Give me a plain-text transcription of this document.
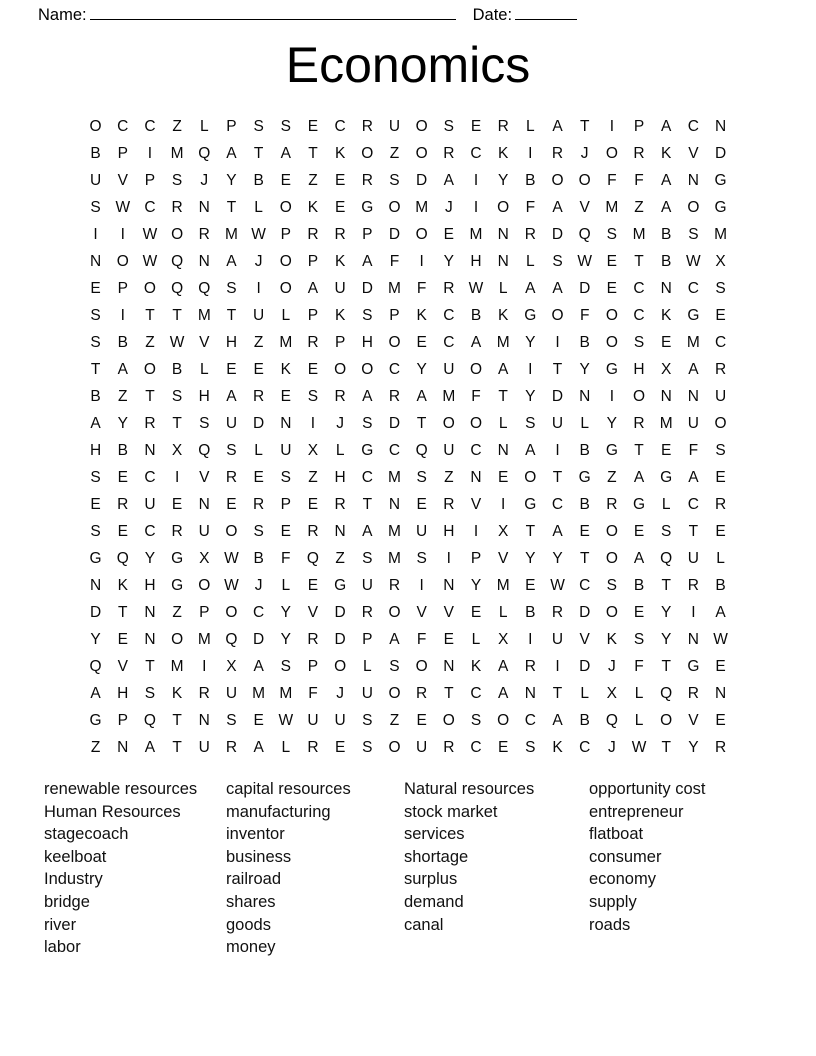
Name:	Date:
Economics
O	C	C	Z	L	P	S	S	E	C	R	U	O	S	E	R	L	A	T	I	P	A	C	N
B	P	I	M Q	A	T	A	T	K	O	Z	O	R	C	K	I	R	J	O	R	K	V	D
U	V	P	S	J	Y	B	E	Z	E	R	S	D	A	I	Y	B	O O	F	F	A	N	G
S W C	R	N	T	L	O	K	E	G O M	J	I	O	F	A	V	M	Z	A	O G
I	I	W O	R M W P	R	R	P	D	O	E	M N	R	D	Q	S	M	B	S	M
N	O W Q	N	A	J	O	P	K	A	F	I	Y	H	N	L	S W E	T	B W X
E	P	O Q Q	S	I	O	A	U	D M	F	R W	L	A	A	D	E	C	N	C	S
S	I	T	T	M	T	U	L	P	K	S	P	K	C	B	K	G O	F	O	C	K	G	E
S	B	Z W V	H	Z	M R	P	H	O	E	C	A	M	Y	I	B	O	S	E	M C
T	A	O	B	L	E	E	K	E	O O	C	Y	U	O	A	I	T	Y	G	H	X	A	R
B	Z	T	S	H	A	R	E	S	R	A	R	A	M	F	T	Y	D	N	I	O	N	N	U
A	Y	R	T	S	U	D	N	I	J	S	D	T	O O	L	S	U	L	Y	R M U	O
H	B	N	X	Q	S	L	U	X	L	G	C	Q	U	C	N	A	I	B	G	T	E	F	S
S	E	C	I	V	R	E	S	Z	H	C M	S	Z	N	E	O	T	G	Z	A	G	A	E
E	R	U	E	N	E	R	P	E	R	T	N	E	R	V	I	G	C	B	R	G	L	C	R
S	E	C	R	U	O	S	E	R	N	A	M U	H	I	X	T	A	E	O	E	S	T	E
G Q	Y	G	X W B	F	Q	Z	S	M	S	I	P	V	Y	Y	T	O	A	Q	U	L
N	K	H	G O W	J	L	E	G	U	R	I	N	Y	M	E W C	S	B	T	R	B
D	T	N	Z	P	O	C	Y	V	D	R	O	V	V	E	L	B	R	D	O	E	Y	I	A
Y	E	N	O M Q	D	Y	R	D	P	A	F	E	L	X	I	U	V	K	S	Y	N W
Q	V	T	M	I	X	A	S	P	O	L	S	O	N	K	A	R	I	D	J	F	T	G	E
A	H	S	K	R	U M M	F	J	U	O	R	T	C	A	N	T	L	X	L	Q	R	N
G	P	Q	T	N	S	E W U	U	S	Z	E	O	S	O	C	A	B	Q	L	O	V	E
Z	N	A	T	U	R	A	L	R	E	S	O	U	R	C	E	S	K	C	J	W T	Y	R
renewable resources
Human Resources
stagecoach
keelboat
Industry
bridge
river
labor
capital resources
manufacturing
inventor
business
railroad
shares
goods
money
Natural resources
stock market
services
shortage
surplus
demand
canal
opportunity cost
entrepreneur
flatboat
consumer
economy
supply
roads
